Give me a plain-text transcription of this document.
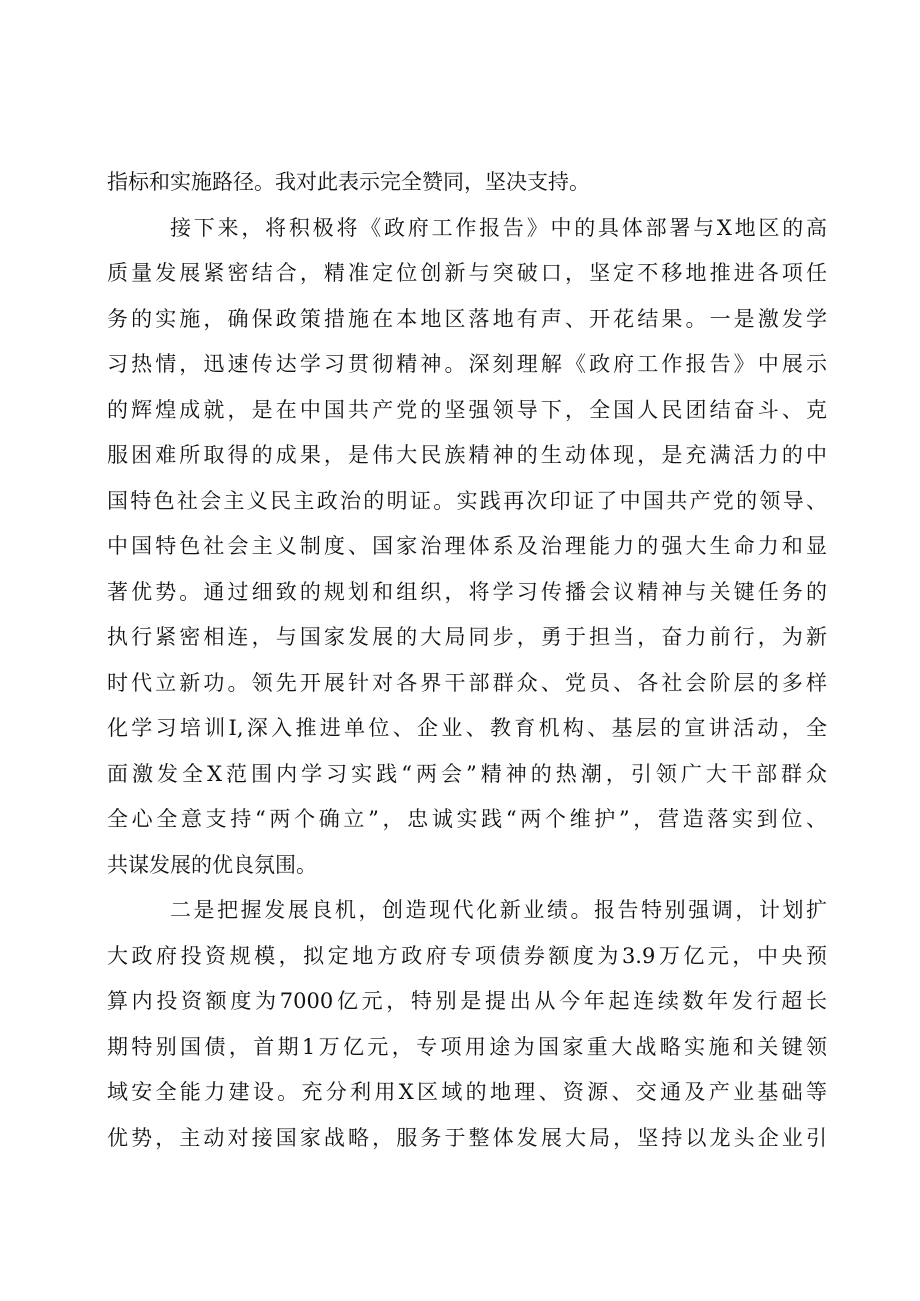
指标和实施路径。我对此表示完全赞同，坚决支持。
接下来，将积极将《政府工作报告》中的具体部署与X地区的高
质量发展紧密结合，精准定位创新与突破口，坚定不移地推进各项任
务的实施，确保政策措施在本地区落地有声、开花结果。一是激发学
习热情，迅速传达学习贯彻精神。深刻理解《政府工作报告》中展示
的辉煌成就，是在中国共产党的坚强领导下，全国人民团结奋斗、克
服困难所取得的成果，是伟大民族精神的生动体现，是充满活力的中
国特色社会主义民主政治的明证。实践再次印证了中国共产党的领导、
中国特色社会主义制度、国家治理体系及治理能力的强大生命力和显
著优势。通过细致的规划和组织，将学习传播会议精神与关键任务的
执行紧密相连，与国家发展的大局同步，勇于担当，奋力前行，为新
时代立新功。领先开展针对各界干部群众、党员、各社会阶层的多样
化学习培训I,深入推进单位、企业、教育机构、基层的宣讲活动，全
面激发全X范围内学习实践“两会”精神的热潮，引领广大干部群众
全心全意支持“两个确立”，忠诚实践“两个维护”，营造落实到位、
共谋发展的优良氛围。
二是把握发展良机，创造现代化新业绩。报告特别强调，计划扩
大政府投资规模，拟定地方政府专项债券额度为3.9万亿元，中央预
算内投资额度为7000亿元，特别是提出从今年起连续数年发行超长
期特别国债，首期1万亿元，专项用途为国家重大战略实施和关键领
域安全能力建设。充分利用X区域的地理、资源、交通及产业基础等
优势，主动对接国家战略，服务于整体发展大局，坚持以龙头企业引
